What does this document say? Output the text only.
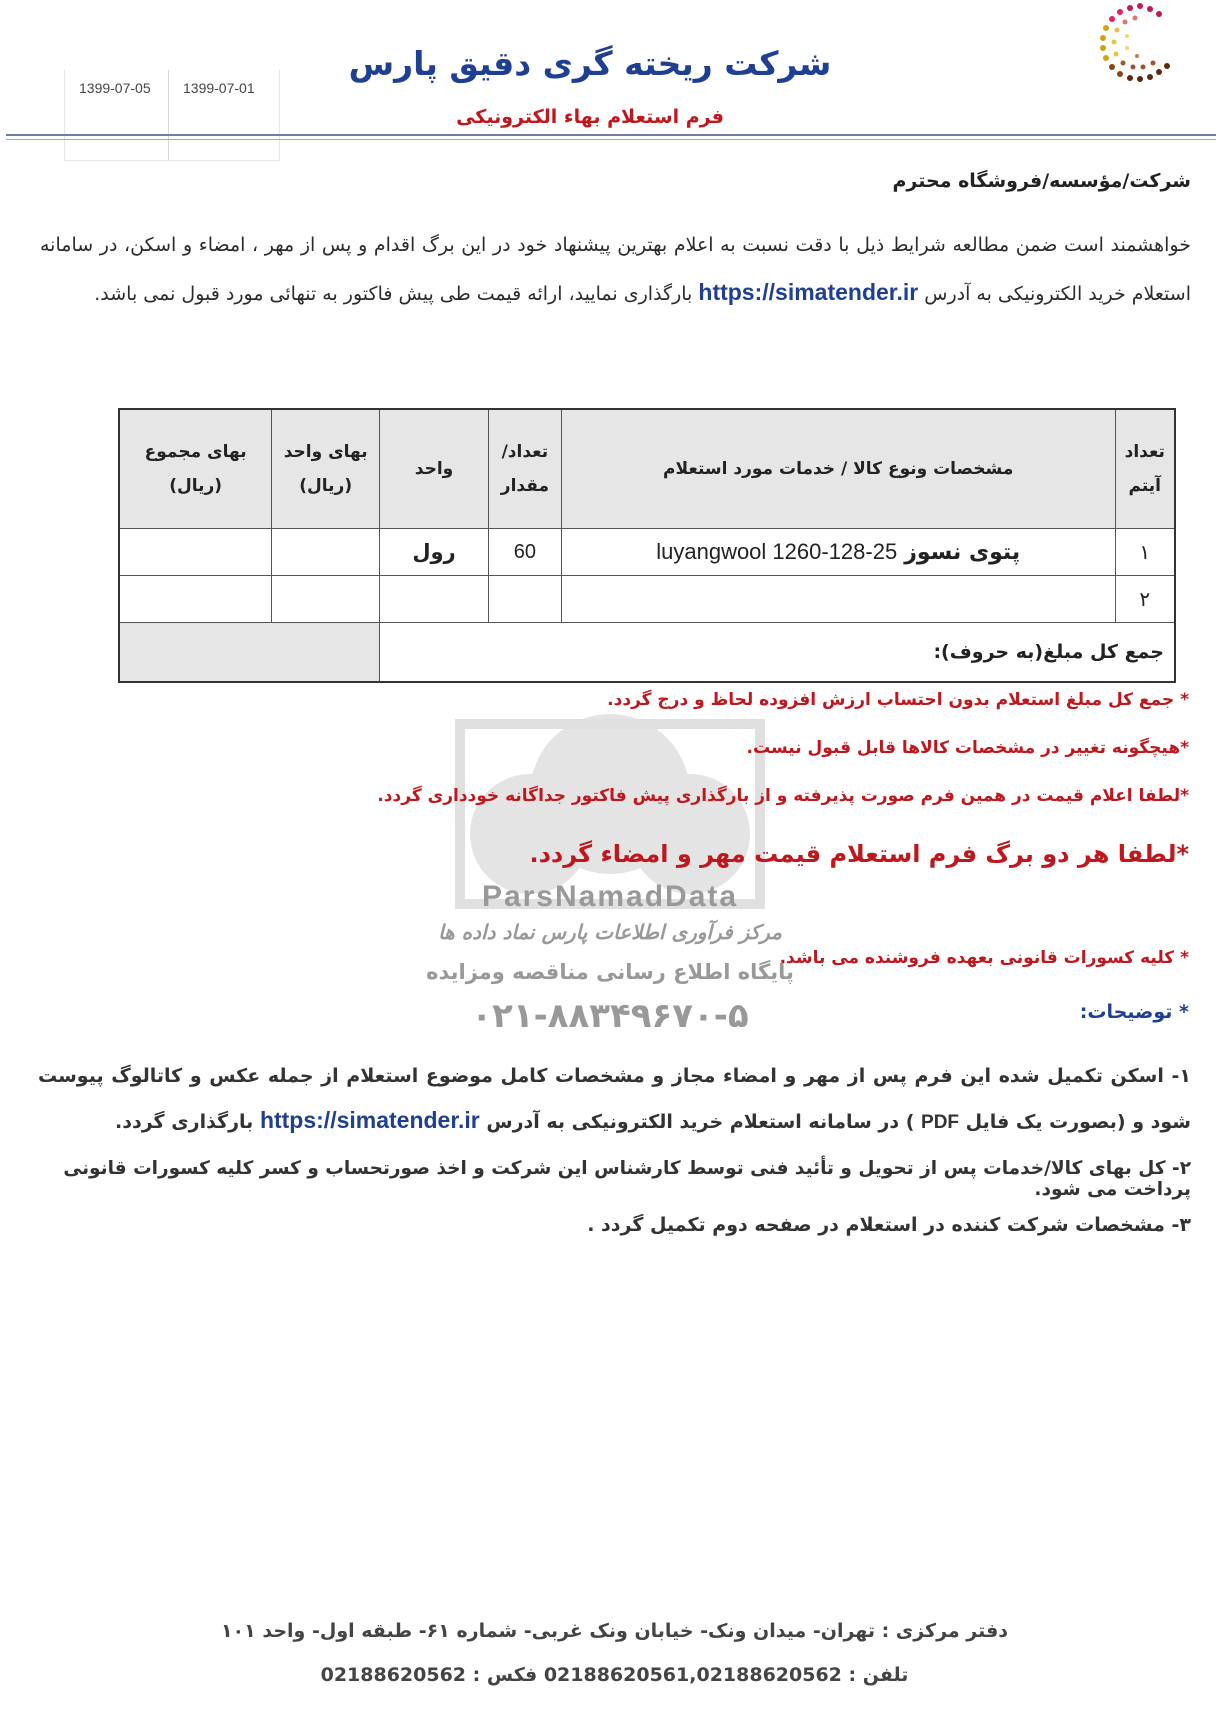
شرکت ریخته گری دقیق پارس
فرم استعلام بهاء الکترونیکی
1399-07-05 1399-07-01
شرکت/مؤسسه/فروشگاه محترم
خواهشمند است ضمن مطالعه شرایط ذیل با دقت نسبت به اعلام بهترین پیشنهاد خود در این برگ اقدام و پس از مهر ، امضاء و اسکن، در سامانه استعلام خرید الکترونیکی به آدرس https://simatender.ir بارگذاری نمایید، ارائه قیمت طی پیش فاکتور به تنهائی مورد قبول نمی باشد.
ParsNamadData
مرکز فرآوری اطلاعات پارس نماد داده ها
پایگاه اطلاع رسانی مناقصه ومزایده
۰۲۱-۸۸۳۴۹۶۷۰-۵
تعداد آیتم	مشخصات ونوع کالا / خدمات مورد استعلام	تعداد/ مقدار	واحد	بهای واحد (ریال)	بهای مجموع (ریال)
۱	پتوی نسوز luyangwool 1260-128-25	60	رول		
۲					
جمع کل مبلغ(به حروف):					
* جمع کل مبلغ استعلام بدون احتساب ارزش افزوده لحاظ و درج گردد.
*هیچگونه تغییر در مشخصات کالاها قابل قبول نیست.
*لطفا اعلام قیمت در همین فرم صورت پذیرفته و از بارگذاری پیش فاکتور جداگانه خودداری گردد.
*لطفا هر دو برگ فرم استعلام قیمت مهر و امضاء گردد.
* کلیه کسورات قانونی بعهده فروشنده می باشد.
* توضیحات:
۱- اسکن تکمیل شده این فرم پس از مهر و امضاء مجاز و مشخصات کامل موضوع استعلام از جمله عکس و کاتالوگ پیوست شود و (بصورت یک فایل PDF ) در سامانه استعلام خرید الکترونیکی به آدرس https://simatender.ir بارگذاری گردد.
۲- کل بهای کالا/خدمات پس از تحویل و تأئید فنی توسط کارشناس این شرکت و اخذ صورتحساب و کسر کلیه کسورات قانونی پرداخت می شود.
۳- مشخصات شرکت کننده در استعلام در صفحه دوم تکمیل گردد .
دفتر مرکزی : تهران- میدان ونک- خیابان ونک غربی- شماره ۶۱- طبقه اول- واحد ۱۰۱
تلفن : 02188620561,02188620562 فکس : 02188620562
